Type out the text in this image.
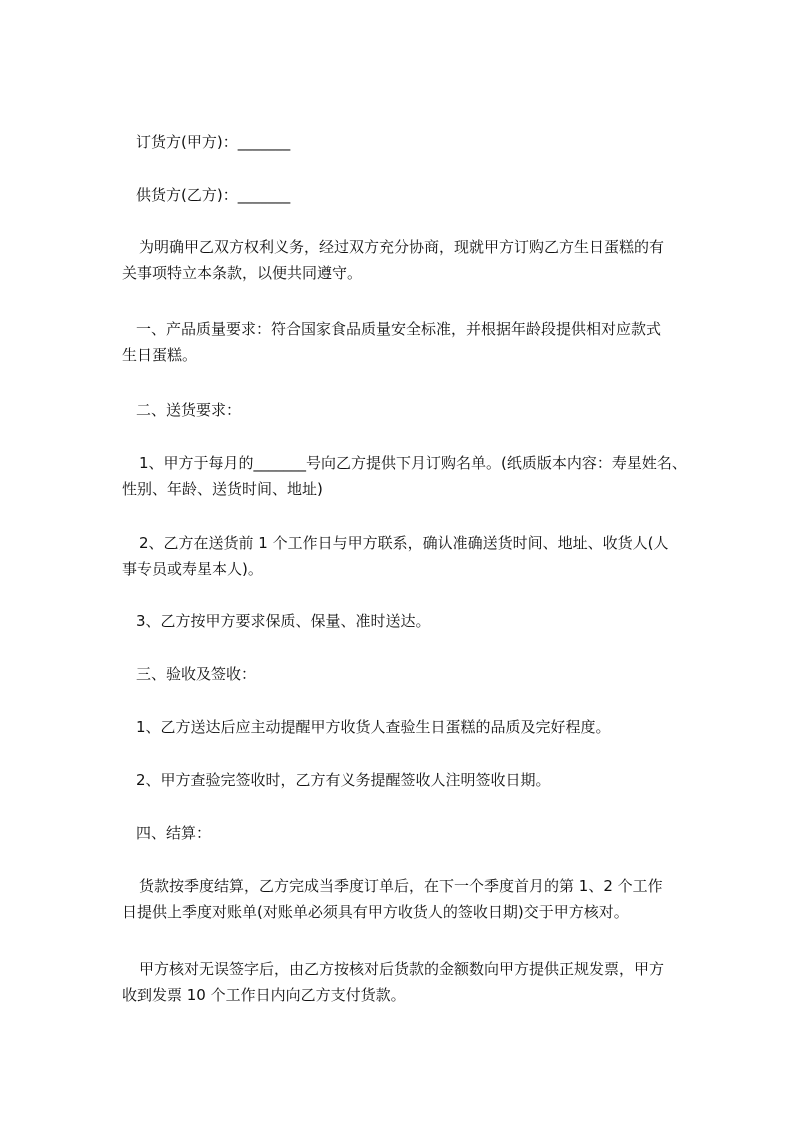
订货方(甲方)：_______

供货方(乙方)：_______

为明确甲乙双方权利义务，经过双方充分协商，现就甲方订购乙方生日蛋糕的有
关事项特立本条款，以便共同遵守。

一、产品质量要求：符合国家食品质量安全标准，并根据年龄段提供相对应款式
生日蛋糕。

二、送货要求：

1、甲方于每月的_______号向乙方提供下月订购名单。(纸质版本内容：寿星姓名、
性别、年龄、送货时间、地址)

2、乙方在送货前 1 个工作日与甲方联系，确认准确送货时间、地址、收货人(人
事专员或寿星本人)。

3、乙方按甲方要求保质、保量、准时送达。

三、验收及签收：

1、乙方送达后应主动提醒甲方收货人查验生日蛋糕的品质及完好程度。

2、甲方查验完签收时，乙方有义务提醒签收人注明签收日期。

四、结算：

货款按季度结算，乙方完成当季度订单后，在下一个季度首月的第 1、2 个工作
日提供上季度对账单(对账单必须具有甲方收货人的签收日期)交于甲方核对。

甲方核对无误签字后，由乙方按核对后货款的金额数向甲方提供正规发票，甲方
收到发票 10 个工作日内向乙方支付货款。
